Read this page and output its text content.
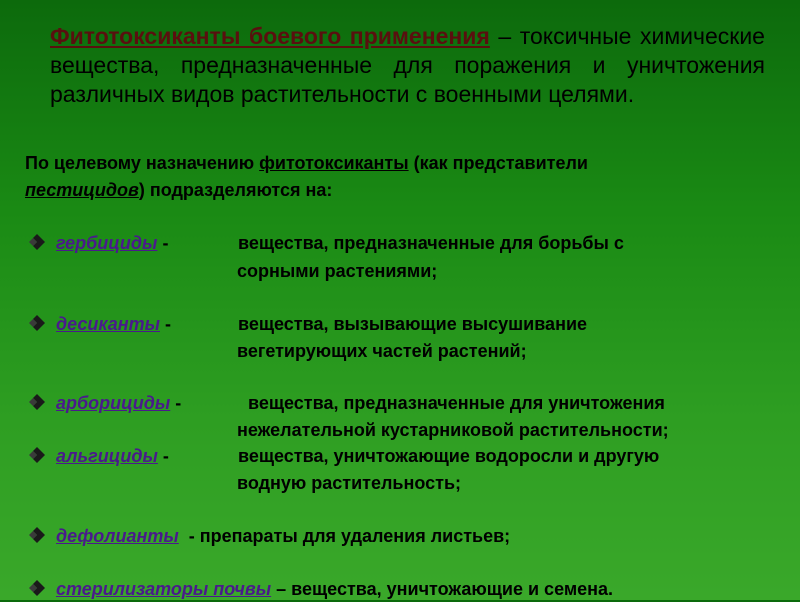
Фитотоксиканты боевого применения – токсичные химические вещества, предназначенные для поражения и уничтожения различных видов растительности с военными целями.
По целевому назначению фитотоксиканты (как представители
пестицидов) подразделяются на:
гербициды -	вещества, предназначенные для борьбы с
сорными растениями;
десиканты -	вещества, вызывающие высушивание
вегетирующих частей растений;
арборициды -	вещества, предназначенные для уничтожения
нежелательной кустарниковой растительности;
альгициды -	вещества, уничтожающие водоросли и другую
водную растительность;
дефолианты  - препараты для удаления листьев;
стерилизаторы почвы – вещества, уничтожающие и семена.
